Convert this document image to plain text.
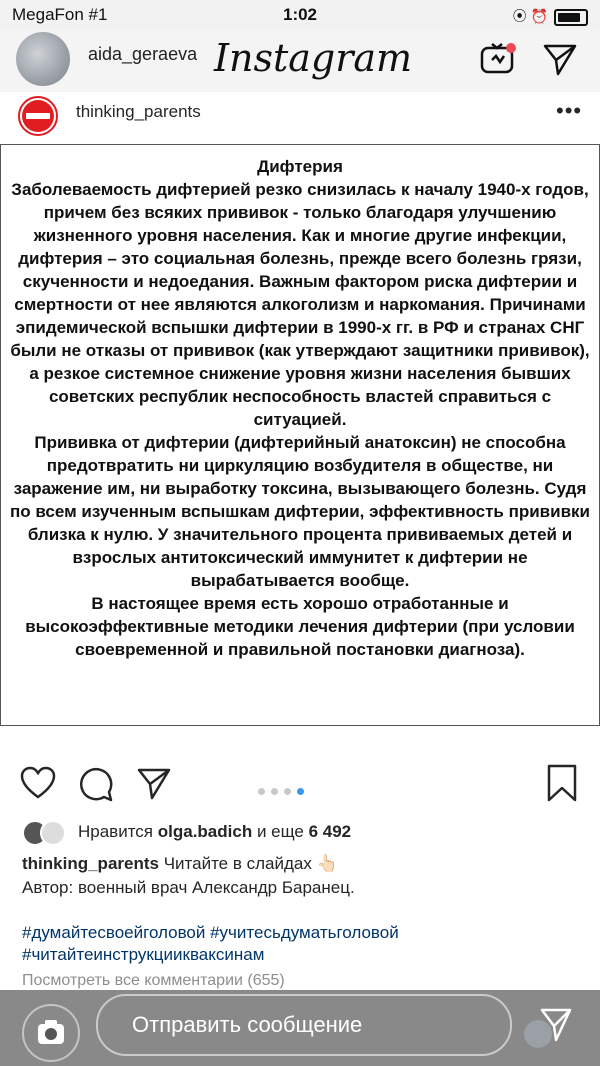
MegaFon #1	1:02	⦿ ⏰
aida_geraeva Instagram
thinking_parents	•••
Дифтерия
Заболеваемость дифтерией резко снизилась к началу 1940-х годов, причем без всяких прививок - только благодаря улучшению жизненного уровня населения. Как и многие другие инфекции, дифтерия – это социальная болезнь, прежде всего болезнь грязи, скученности и недоедания. Важным фактором риска дифтерии и смертности от нее являются алкоголизм и наркомания. Причинами эпидемической вспышки дифтерии в 1990-х гг. в РФ и странах СНГ были не отказы от прививок (как утверждают защитники прививок), а резкое системное снижение уровня жизни населения бывших советских республик неспособность властей справиться с ситуацией.
Прививка от дифтерии (дифтерийный анатоксин) не способна предотвратить ни циркуляцию возбудителя в обществе, ни заражение им, ни выработку токсина, вызывающего болезнь. Судя по всем изученным вспышкам дифтерии, эффективность прививки близка к нулю. У значительного процента прививаемых детей и взрослых антитоксический иммунитет к дифтерии не вырабатывается вообще.
В настоящее время есть хорошо отработанные и высокоэффективные методики лечения дифтерии (при условии своевременной и правильной постановки диагноза).
Нравится olga.badich и еще 6 492
thinking_parents Читайте в слайдах 👆🏻
Автор: военный врач Александр Баранец.
#думайтесвоейголовой #учитесьдуматьголовой
#читайтеинструкциикваксинам
Посмотреть все комментарии (655)
Отправить сообщение
